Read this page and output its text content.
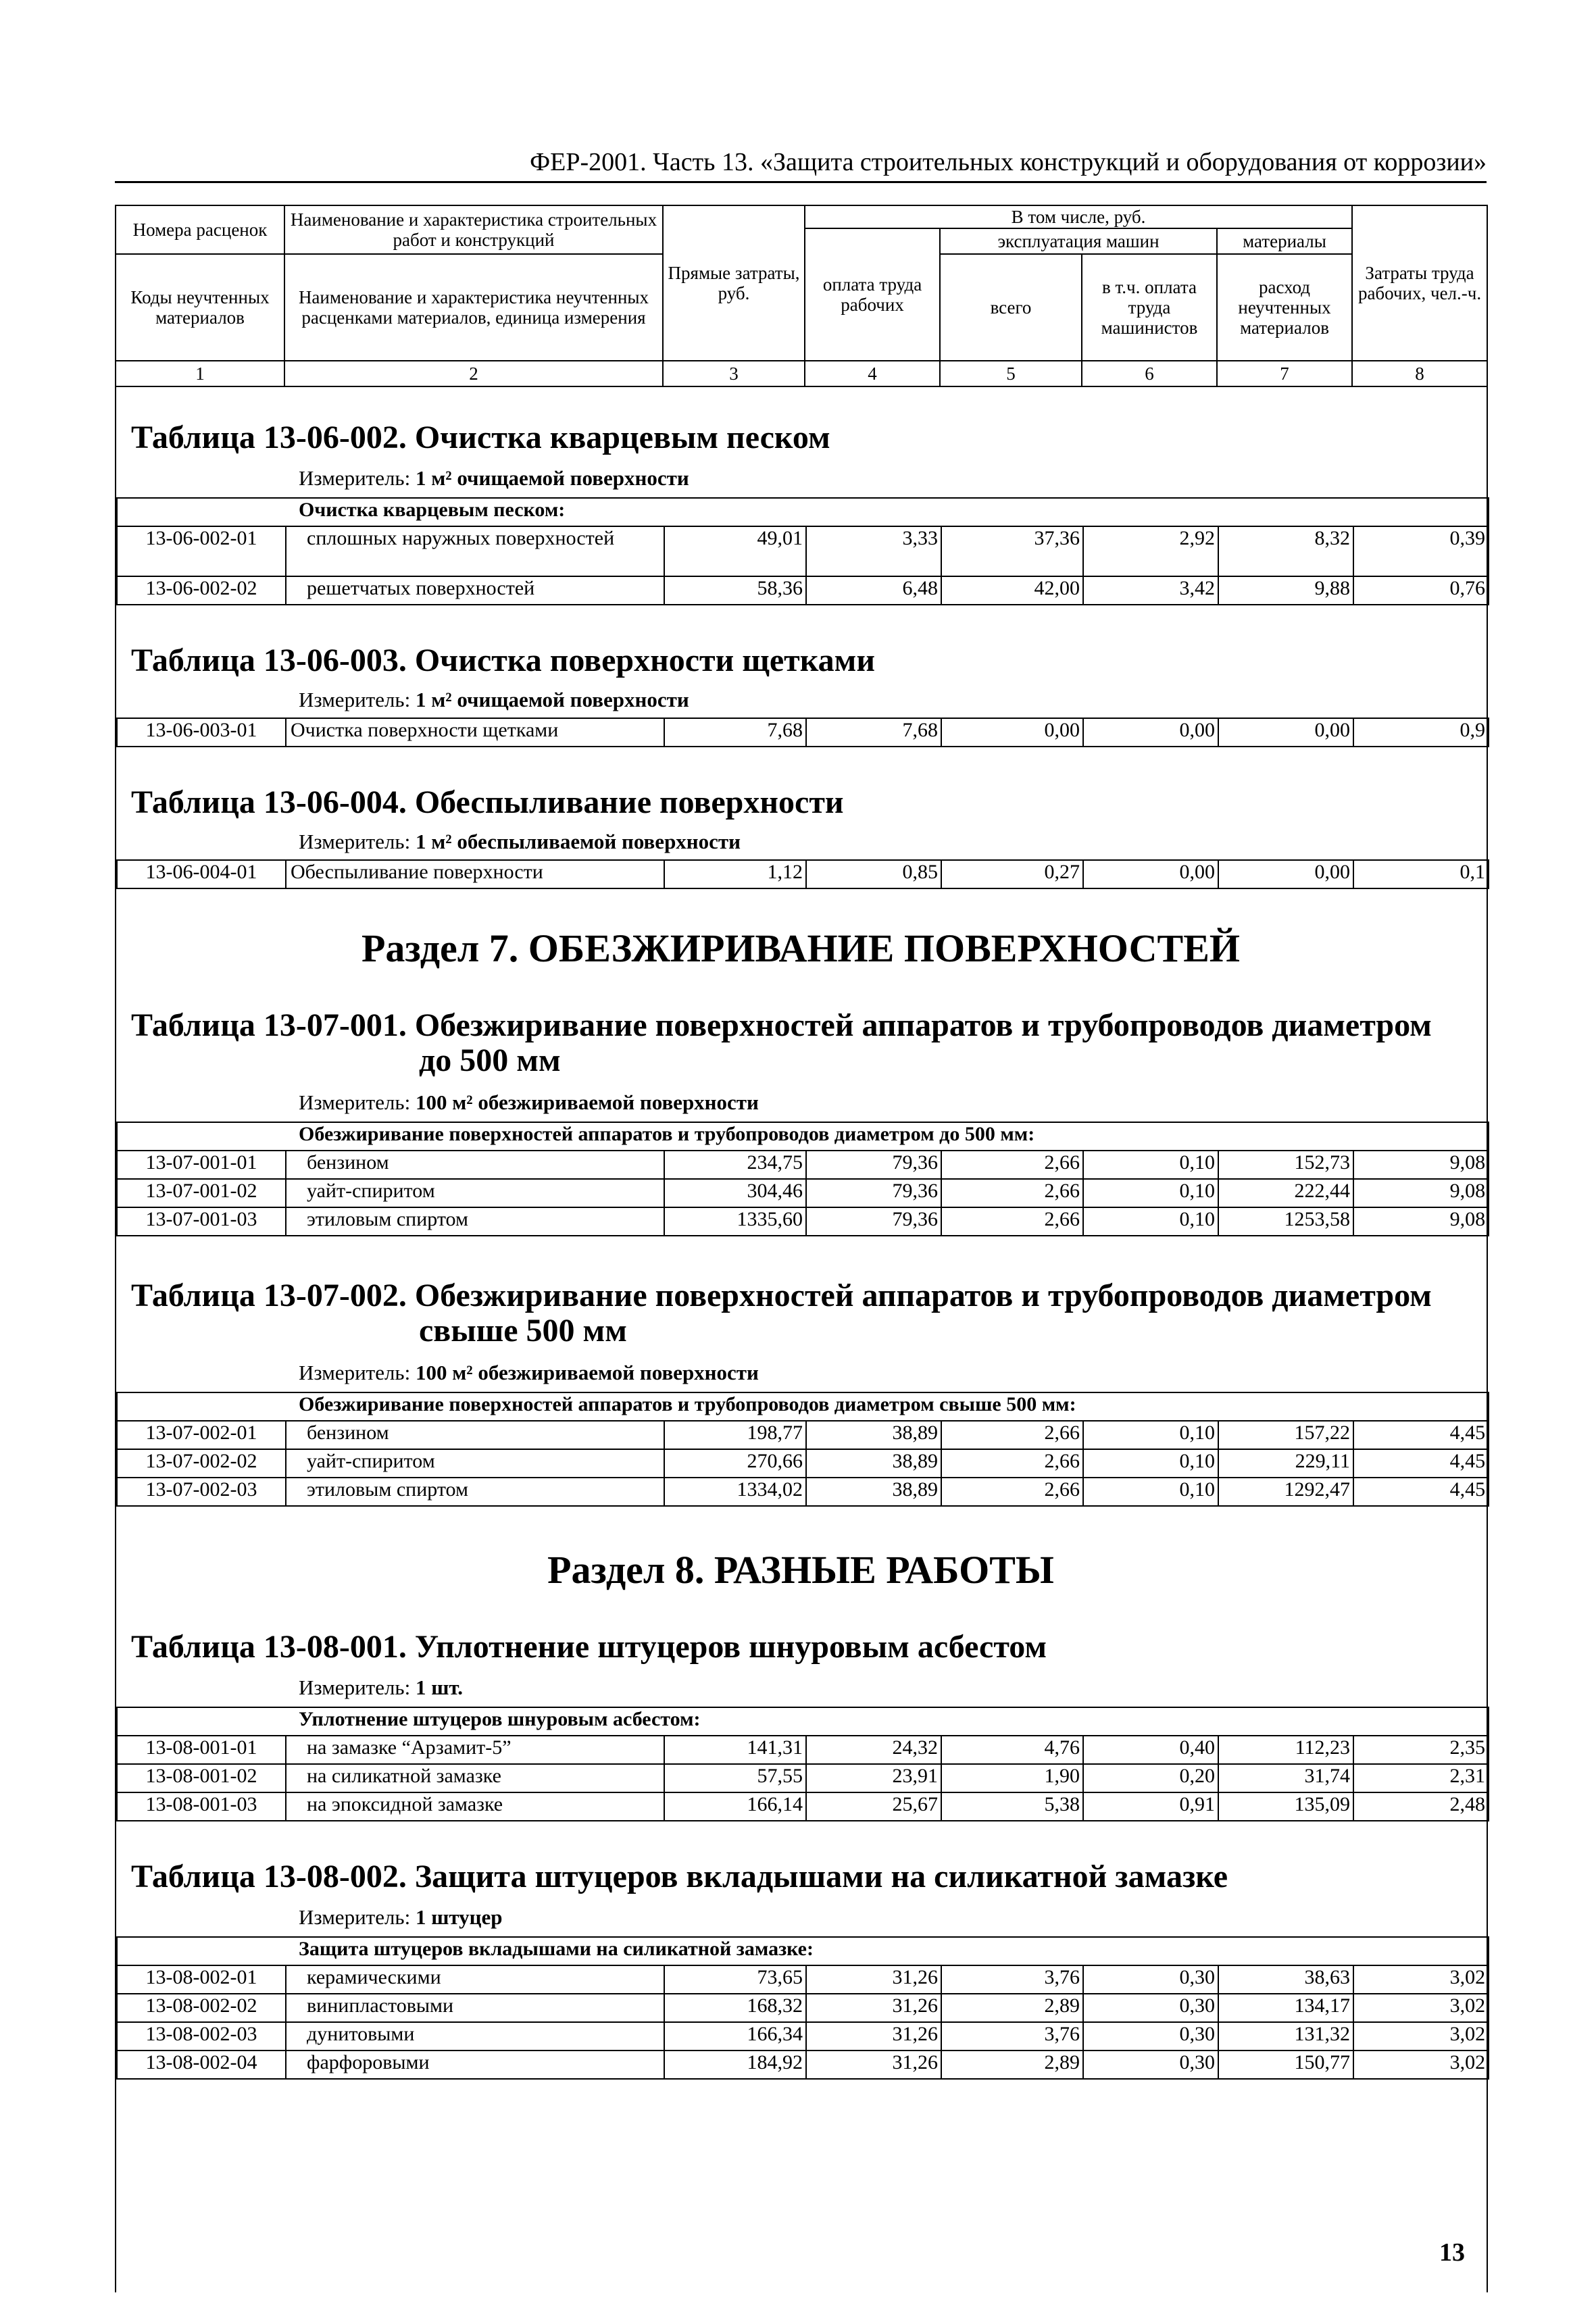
ФЕР-2001. Часть 13. «Защита строительных конструкций и оборудования от коррозии»
Номера расценок	Наименование и характеристика строительных работ и конструкций	Прямые затраты, руб.	В том числе, руб.				Затраты труда рабочих, чел.-ч.
			оплата труда рабочих	эксплуатация машин		материалы	
Коды неучтенных материалов	Наименование и характеристика неучтенных расценками материалов, единица измерения			всего	в т.ч. оплата труда машинистов	расход неучтенных материалов	

1	2	3	4	5	6	7	8
Таблица 13-06-002. Очистка кварцевым песком
Измеритель: 1 м² очищаемой поверхности
Очистка кварцевым песком:							
13-06-002-01	сплошных наружных поверхностей	49,01	3,33	37,36	2,92	8,32	0,39
13-06-002-02	решетчатых поверхностей	58,36	6,48	42,00	3,42	9,88	0,76
Таблица 13-06-003. Очистка поверхности щетками
Измеритель: 1 м² очищаемой поверхности
13-06-003-01	Очистка поверхности щетками	7,68	7,68	0,00	0,00	0,00	0,9
Таблица 13-06-004. Обеспыливание поверхности
Измеритель: 1 м² обеспыливаемой поверхности
13-06-004-01	Обеспыливание поверхности	1,12	0,85	0,27	0,00	0,00	0,1
Раздел 7. ОБЕЗЖИРИВАНИЕ ПОВЕРХНОСТЕЙ
Таблица 13-07-001. Обезжиривание поверхностей аппаратов и трубопроводов диаметром
до 500 мм
Измеритель: 100 м² обезжириваемой поверхности
Обезжиривание поверхностей аппаратов и трубопроводов диаметром до 500 мм:							
13-07-001-01	бензином	234,75	79,36	2,66	0,10	152,73	9,08
13-07-001-02	уайт-спиритом	304,46	79,36	2,66	0,10	222,44	9,08
13-07-001-03	этиловым спиртом	1335,60	79,36	2,66	0,10	1253,58	9,08
Таблица 13-07-002. Обезжиривание поверхностей аппаратов и трубопроводов диаметром
свыше 500 мм
Измеритель: 100 м² обезжириваемой поверхности
Обезжиривание поверхностей аппаратов и трубопроводов диаметром свыше 500 мм:							
13-07-002-01	бензином	198,77	38,89	2,66	0,10	157,22	4,45
13-07-002-02	уайт-спиритом	270,66	38,89	2,66	0,10	229,11	4,45
13-07-002-03	этиловым спиртом	1334,02	38,89	2,66	0,10	1292,47	4,45
Раздел 8. РАЗНЫЕ РАБОТЫ
Таблица 13-08-001. Уплотнение штуцеров шнуровым асбестом
Измеритель: 1 шт.
Уплотнение штуцеров шнуровым асбестом:							
13-08-001-01	на замазке “Арзамит-5”	141,31	24,32	4,76	0,40	112,23	2,35
13-08-001-02	на силикатной замазке	57,55	23,91	1,90	0,20	31,74	2,31
13-08-001-03	на эпоксидной замазке	166,14	25,67	5,38	0,91	135,09	2,48
Таблица 13-08-002. Защита штуцеров вкладышами на силикатной замазке
Измеритель: 1 штуцер
Защита штуцеров вкладышами на силикатной замазке:							
13-08-002-01	керамическими	73,65	31,26	3,76	0,30	38,63	3,02
13-08-002-02	винипластовыми	168,32	31,26	2,89	0,30	134,17	3,02
13-08-002-03	дунитовыми	166,34	31,26	3,76	0,30	131,32	3,02
13-08-002-04	фарфоровыми	184,92	31,26	2,89	0,30	150,77	3,02
13
